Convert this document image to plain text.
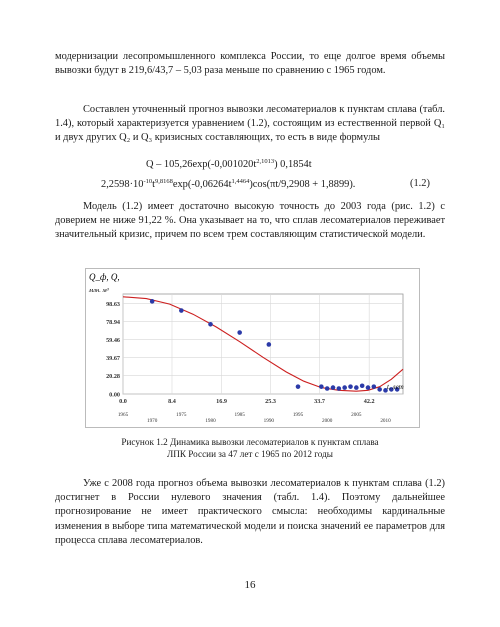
модернизации лесопромышленного комплекса России, то еще долгое время объемы вывозки будут в 219,6/43,7 – 5,03 раза меньше по сравнению с 1965 годом.
Составлен уточненный прогноз вывозки лесоматериалов к пунктам сплава (табл. 1.4), который характеризуется уравнением (1.2), состоящим из естественной первой Q₁ и двух других Q₂ и Q₃ кризисных составляющих, то есть в виде формулы
Q – $105,26\exp(-0,001020t^{2,1013})$ 0,1854t
$2,2598\cdot 10^{-10}t^{9,8168}\exp(-0,06264t^{1,4464})\cos(\pi t/9,2908 + 1,8899)$.	(1.2)
Модель (1.2) имеет достаточно высокую точность до 2003 года (рис. 1.2) с доверием не ниже 91,22 %. Она указывает на то, что сплав лесоматериалов переживает значительный кризис, причем по всем трем составляющим статистической модели.
98.63
78.94
59.46
39.67
20.28
0.00
0.0	8.4	16.9	25.3	33.7	42.2
1965
1970
1975
1980
1985
1990
1995
2000
2005
2010
Q_ф, Q,
млн. м³
t, лет
Рисунок 1.2 Динамика вывозки лесоматериалов к пунктам сплава
ЛПК России за 47 лет с 1965 по 2012 годы
Уже с 2008 года прогноз объема вывозки лесоматериалов к пунктам сплава (1.2) достигнет в России нулевого значения (табл. 1.4). Поэтому дальнейшее прогнозирование не имеет практического смысла: необходимы кардинальные изменения в выборе типа математической модели и поиска значений ее параметров для процесса сплава лесоматериалов.
16
